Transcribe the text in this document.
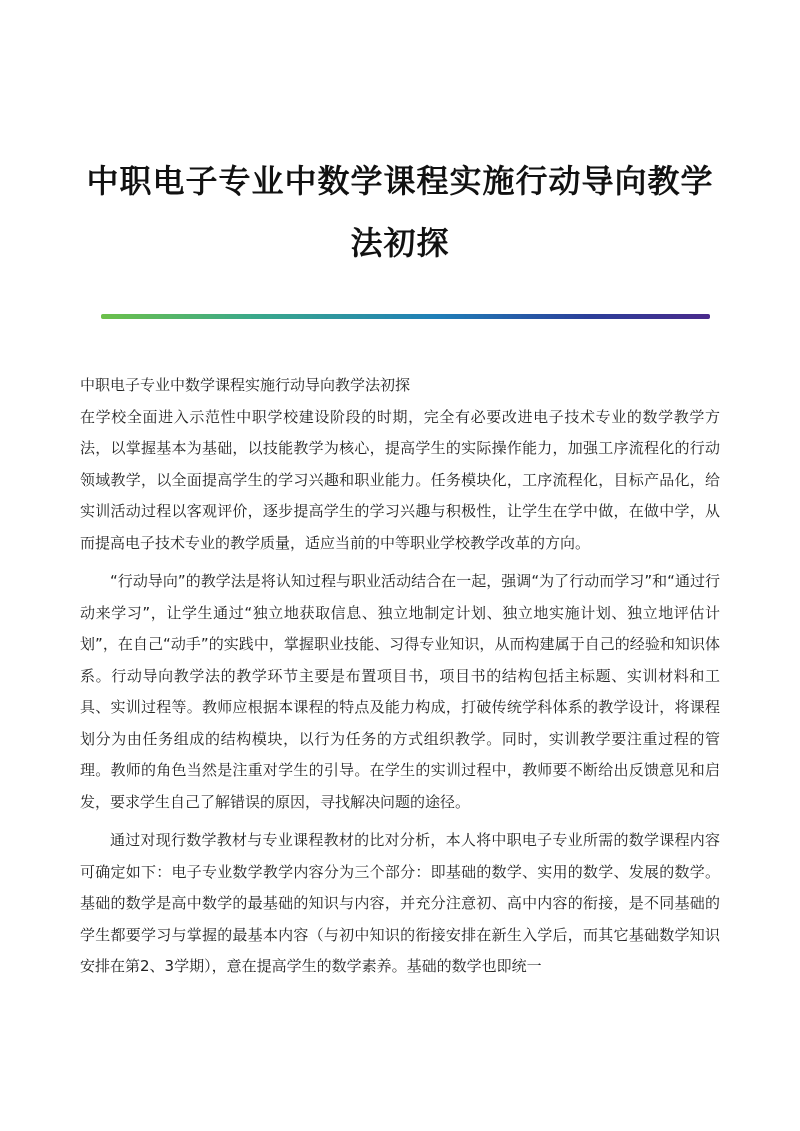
中职电子专业中数学课程实施行动导向教学法初探

中职电子专业中数学课程实施行动导向教学法初探

在学校全面进入示范性中职学校建设阶段的时期，完全有必要改进电子技术专业的数学教学方法，以掌握基本为基础，以技能教学为核心，提高学生的实际操作能力，加强工序流程化的行动领域教学，以全面提高学生的学习兴趣和职业能力。任务模块化，工序流程化，目标产品化，给实训活动过程以客观评价，逐步提高学生的学习兴趣与积极性，让学生在学中做，在做中学，从而提高电子技术专业的教学质量，适应当前的中等职业学校教学改革的方向。

“行动导向”的教学法是将认知过程与职业活动结合在一起，强调“为了行动而学习”和“通过行动来学习”，让学生通过“独立地获取信息、独立地制定计划、独立地实施计划、独立地评估计划”，在自己“动手”的实践中，掌握职业技能、习得专业知识，从而构建属于自己的经验和知识体系。行动导向教学法的教学环节主要是布置项目书，项目书的结构包括主标题、实训材料和工具、实训过程等。教师应根据本课程的特点及能力构成，打破传统学科体系的教学设计，将课程划分为由任务组成的结构模块，以行为任务的方式组织教学。同时，实训教学要注重过程的管理。教师的角色当然是注重对学生的引导。在学生的实训过程中，教师要不断给出反馈意见和启发，要求学生自己了解错误的原因，寻找解决问题的途径。

通过对现行数学教材与专业课程教材的比对分析，本人将中职电子专业所需的数学课程内容可确定如下：电子专业数学教学内容分为三个部分：即基础的数学、实用的数学、发展的数学。基础的数学是高中数学的最基础的知识与内容，并充分注意初、高中内容的衔接，是不同基础的学生都要学习与掌握的最基本内容（与初中知识的衔接安排在新生入学后，而其它基础数学知识安排在第2、3学期），意在提高学生的数学素养。基础的数学也即统一
